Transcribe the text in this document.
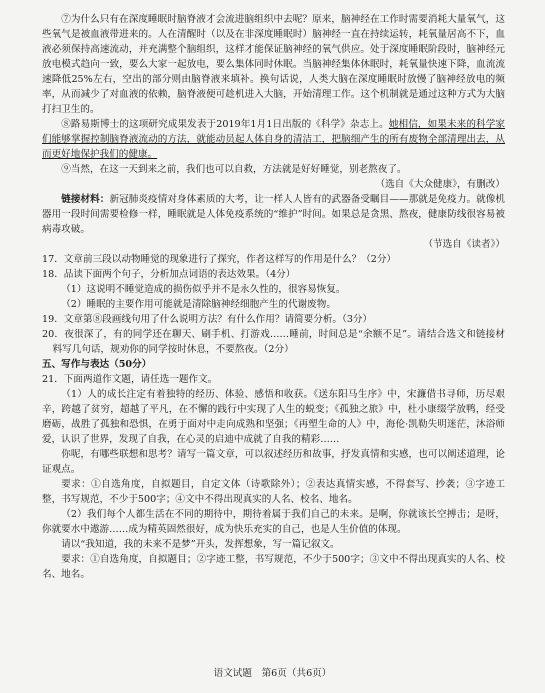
⑦为什么只有在深度睡眠时脑脊液才会流进脑组织中去呢？原来，脑神经在工作时需要消耗大量氧气，这些氧气是被血液带进来的。人在清醒时（以及在非深度睡眠时）脑神经一直在持续运转，耗氧量居高不下，血液必须保持高速流动，并充满整个脑组织，这样才能保证脑神经的氧气供应。处于深度睡眠阶段时，脑神经元放电模式趋向一致，要么大家一起放电，要么集体同时休眠。当脑神经集体休眠时，耗氧量快速下降，血流流速降低25%左右，空出的部分则由脑脊液来填补。换句话说，人类大脑在深度睡眠时放慢了脑神经放电的频率，从而减少了对血液的依赖，脑脊液便可趁机进入大脑，开始清理工作。这个机制就是通过这种方式为大脑打扫卫生的。

⑧路易斯博士的这项研究成果发表于2019年1月1日出版的《科学》杂志上。她相信，如果未来的科学家们能够掌握控制脑脊液流动的方法，就能动员起人体自身的清洁工，把脑细产生的所有废物全部清理出去，从而更好地保护我们的健康。

⑨当然，在这一天到来之前，我们也可以自救，方法就是好好睡觉，别老熬夜了。

（选自《大众健康》，有删改）

链接材料：新冠肺炎疫情对身体素质的大考，让一样人人皆有的武器备受瞩目——那就是免疫力。就像机器用一段时间需要检修一样，睡眠就是人体免疫系统的“维护”时间。如果总是贪黑、熬夜，健康防线很容易被病毒攻破。

（节选自《读者》）

17．文章前三段以动物睡觉的现象进行了探究，作者这样写的作用是什么？（2分）

18．品读下面两个句子，分析加点词语的表达效果。（4分）

（1）这说明不睡觉造成的损伤似乎并不是永久性的，很容易恢复。

（2）睡眠的主要作用可能就是清除脑神经细胞产生的代谢废物。

19．文章第⑧段画线句用了什么说明方法？有什么作用？请简要分析。（3分）

20．夜很深了，有的同学还在聊天、刷手机、打游戏……睡前，时间总是“余额不足”。请结合选文和链接材料写几句话，规劝你的同学按时休息，不要熬夜。（2分）

五、写作与表达（50分）

21．下面两道作文题，请任选一题作文。

（1）人的成长注定有着独特的经历、体验、感悟和收获。《送东阳马生序》中，宋濂借书寻师，历尽艰辛，跨越了贫穷，超越了平凡，在不懈的践行中实现了人生的蜕变；《孤独之旅》中，杜小康缀学放鸭，经受磨砺，战胜了孤独和恐惧，在勇于面对中走向成熟和坚强；《再塑生命的人》中，海伦·凯勒失明迷茫，沐浴师爱，认识了世界，发现了自我，在心灵的启迪中成就了自我的精彩……

你呢，有哪些联想和思考？请写一篇文章，可以叙述经历和故事，抒发真情和实感，也可以阐述道理，论证观点。

要求：①自选角度，自拟题目，自定文体（诗歌除外）；②表达真情实感，不得套写、抄袭；③字迹工整，书写规范，不少于500字；④文中不得出现真实的人名、校名、地名。

（2）我们每个人都生活在不同的期待中，期待着属于我们自己的未来。是啊，你就该长空搏击；是呀，你就要水中遨游……成为精英固然很好，成为快乐充实的自己，也是人生价值的体现。

请以“我知道，我的未来不是梦”开头，发挥想象，写一篇记叙文。

要求：①自选角度，自拟题目；②字迹工整，书写规范，不少于500字；③文中不得出现真实的人名、校名、地名。

语文试题　第6页（共6页）
